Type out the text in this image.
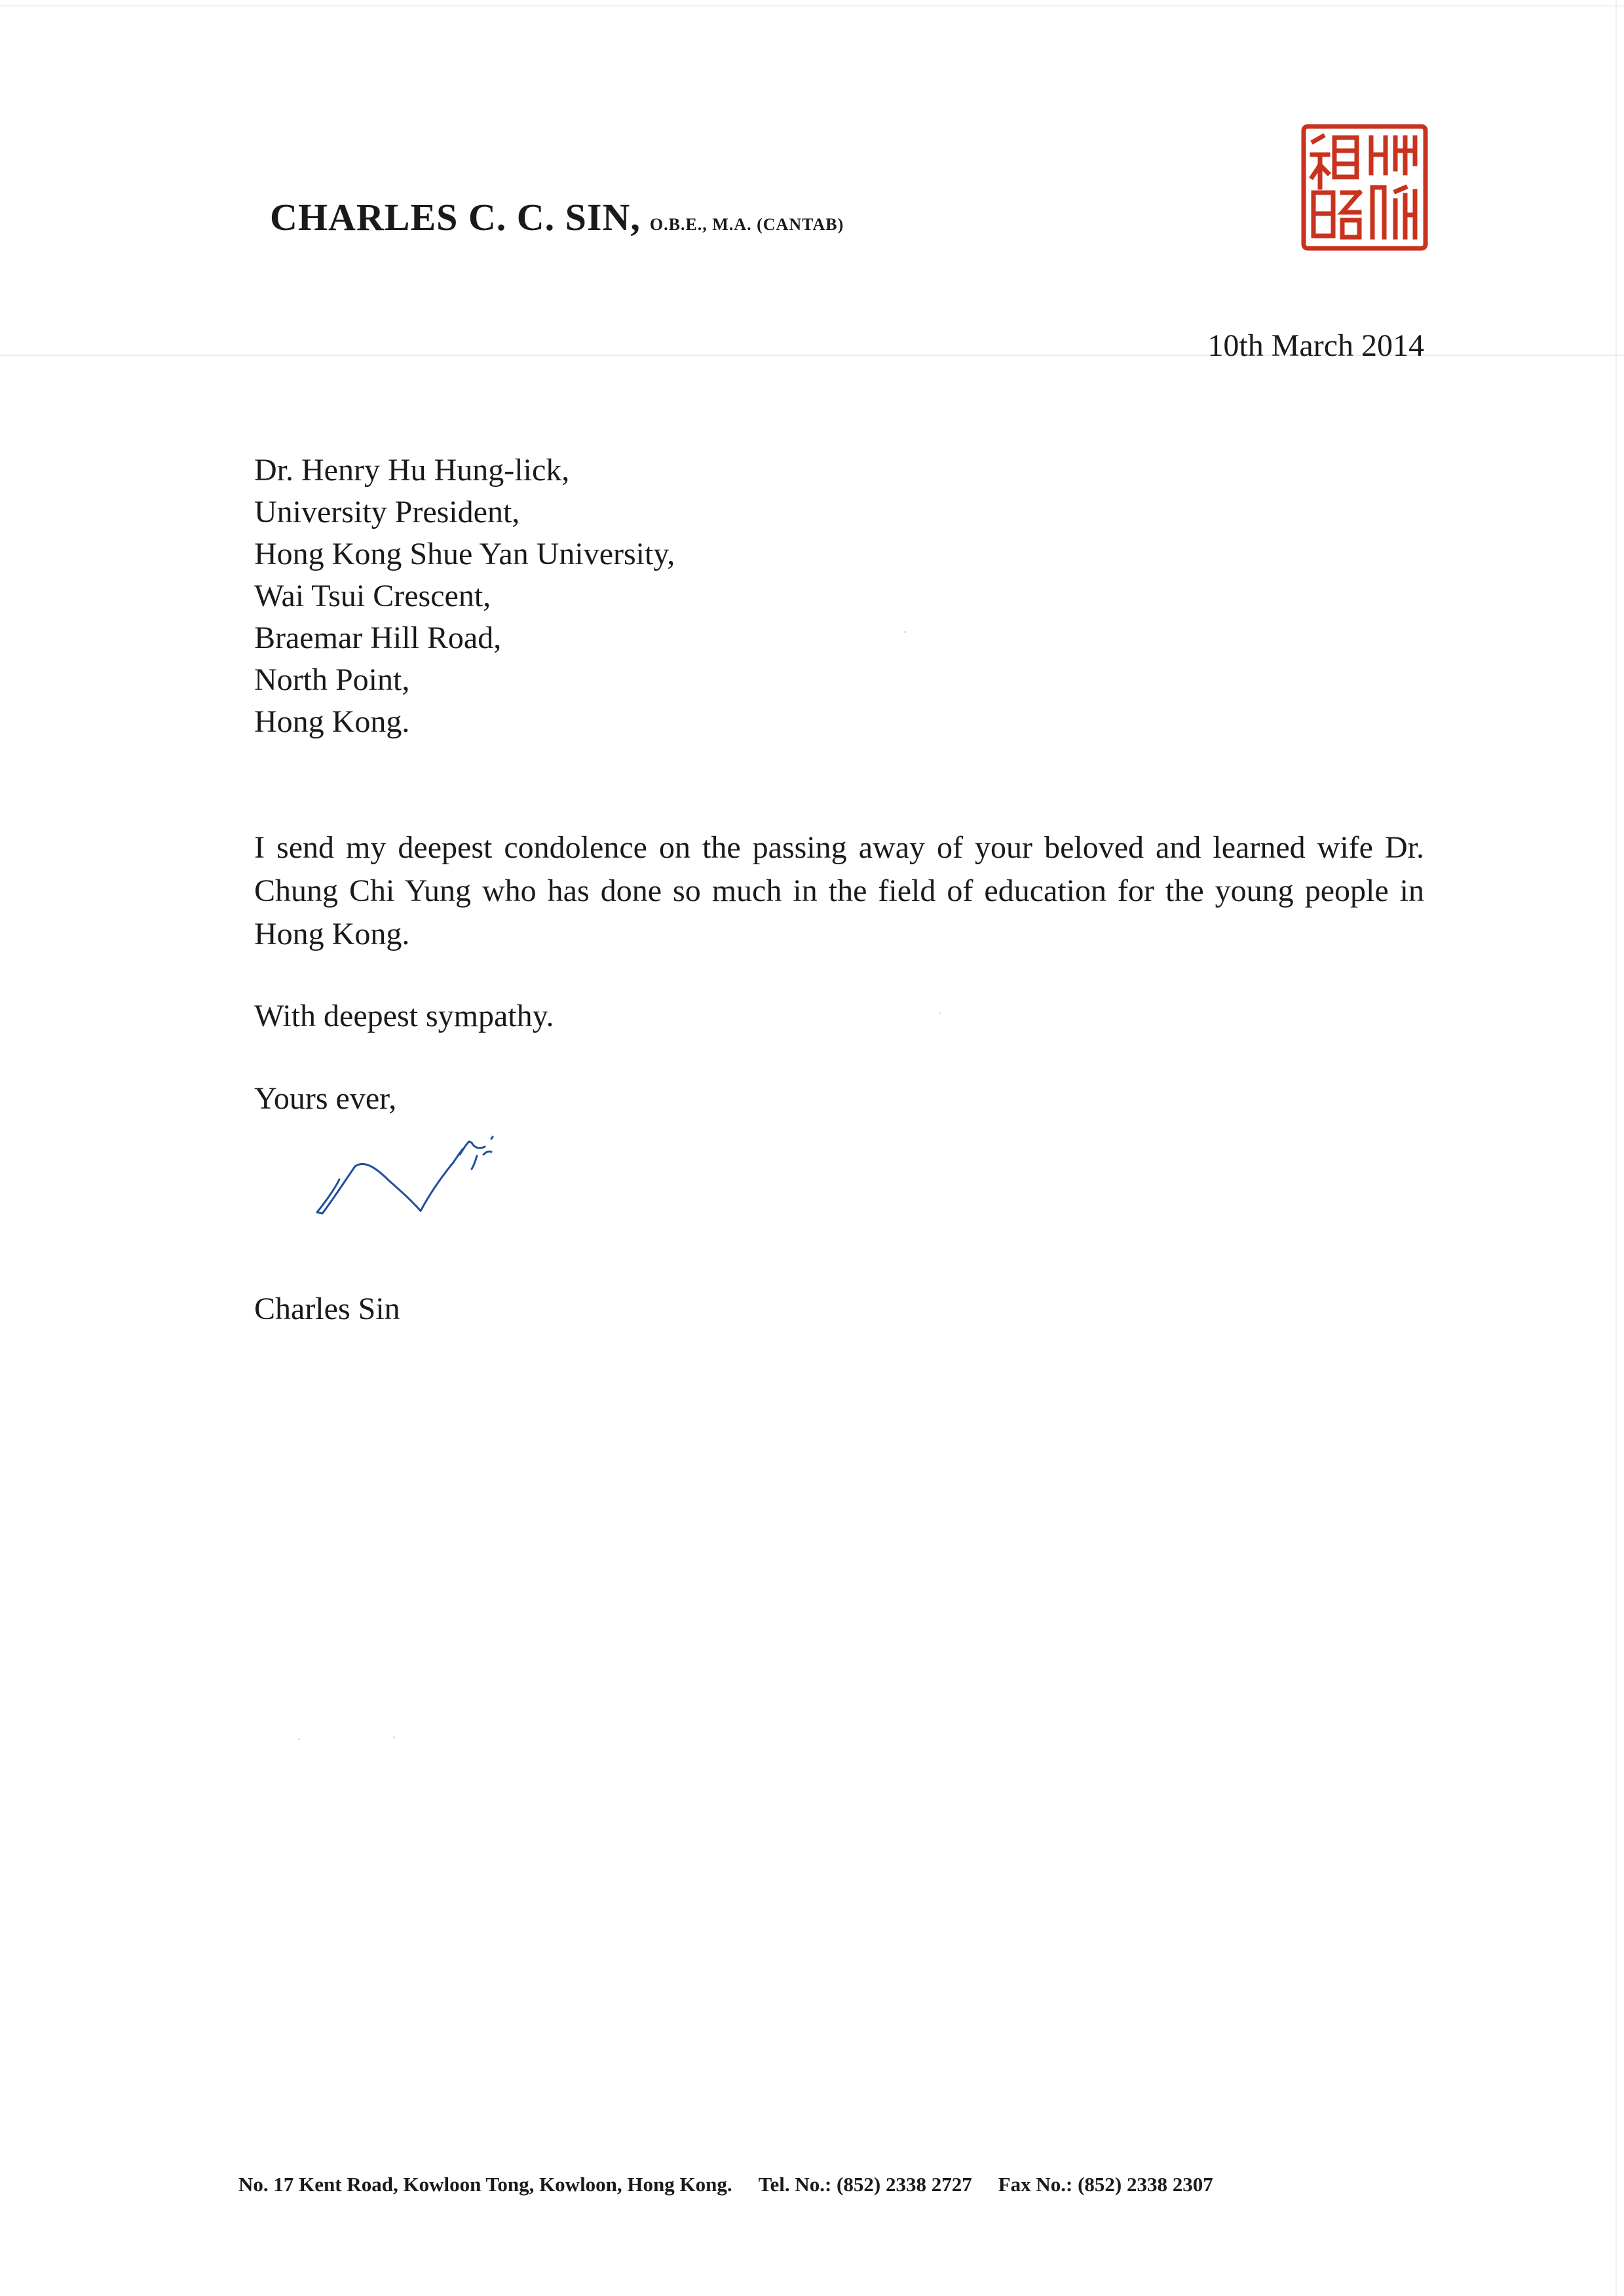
CHARLES C. C. SIN, O.B.E., M.A. (CANTAB)
10th March 2014
Dr. Henry Hu Hung-lick,
University President,
Hong Kong Shue Yan University,
Wai Tsui Crescent,
Braemar Hill Road,
North Point,
Hong Kong.
I send my deepest condolence on the passing away of your beloved and learned wife Dr. Chung Chi Yung who has done so much in the field of education for the young people in Hong Kong.
With deepest sympathy.
Yours ever,
Charles Sin
No. 17 Kent Road, Kowloon Tong, Kowloon, Hong Kong. Tel. No.: (852) 2338 2727 Fax No.: (852) 2338 2307
